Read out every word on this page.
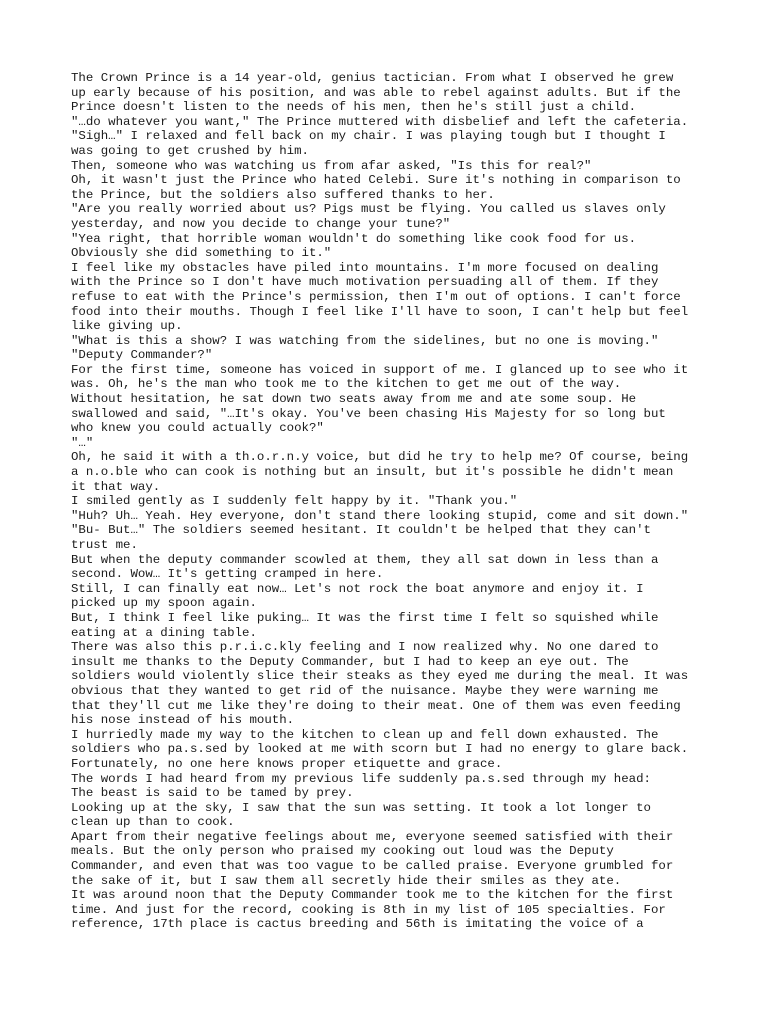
The Crown Prince is a 14 year-old, genius tactician. From what I observed he grew
up early because of his position, and was able to rebel against adults. But if the
Prince doesn't listen to the needs of his men, then he's still just a child.
"…do whatever you want," The Prince muttered with disbelief and left the cafeteria.
"Sigh…" I relaxed and fell back on my chair. I was playing tough but I thought I
was going to get crushed by him.
Then, someone who was watching us from afar asked, "Is this for real?"
Oh, it wasn't just the Prince who hated Celebi. Sure it's nothing in comparison to
the Prince, but the soldiers also suffered thanks to her.
"Are you really worried about us? Pigs must be flying. You called us slaves only
yesterday, and now you decide to change your tune?"
"Yea right, that horrible woman wouldn't do something like cook food for us.
Obviously she did something to it."
I feel like my obstacles have piled into mountains. I'm more focused on dealing
with the Prince so I don't have much motivation persuading all of them. If they
refuse to eat with the Prince's permission, then I'm out of options. I can't force
food into their mouths. Though I feel like I'll have to soon, I can't help but feel
like giving up.
"What is this a show? I was watching from the sidelines, but no one is moving."
"Deputy Commander?"
For the first time, someone has voiced in support of me. I glanced up to see who it
was. Oh, he's the man who took me to the kitchen to get me out of the way.
Without hesitation, he sat down two seats away from me and ate some soup. He
swallowed and said, "…It's okay. You've been chasing His Majesty for so long but
who knew you could actually cook?"
"…"
Oh, he said it with a th.o.r.n.y voice, but did he try to help me? Of course, being
a n.o.ble who can cook is nothing but an insult, but it's possible he didn't mean
it that way.
I smiled gently as I suddenly felt happy by it. "Thank you."
"Huh? Uh… Yeah. Hey everyone, don't stand there looking stupid, come and sit down."
"Bu- But…" The soldiers seemed hesitant. It couldn't be helped that they can't
trust me.
But when the deputy commander scowled at them, they all sat down in less than a
second. Wow… It's getting cramped in here.
Still, I can finally eat now… Let's not rock the boat anymore and enjoy it. I
picked up my spoon again.
But, I think I feel like puking… It was the first time I felt so squished while
eating at a dining table.
There was also this p.r.i.c.kly feeling and I now realized why. No one dared to
insult me thanks to the Deputy Commander, but I had to keep an eye out. The
soldiers would violently slice their steaks as they eyed me during the meal. It was
obvious that they wanted to get rid of the nuisance. Maybe they were warning me
that they'll cut me like they're doing to their meat. One of them was even feeding
his nose instead of his mouth.
I hurriedly made my way to the kitchen to clean up and fell down exhausted. The
soldiers who pa.s.sed by looked at me with scorn but I had no energy to glare back.
Fortunately, no one here knows proper etiquette and grace.
The words I had heard from my previous life suddenly pa.s.sed through my head:
The beast is said to be tamed by prey.
Looking up at the sky, I saw that the sun was setting. It took a lot longer to
clean up than to cook.
Apart from their negative feelings about me, everyone seemed satisfied with their
meals. But the only person who praised my cooking out loud was the Deputy
Commander, and even that was too vague to be called praise. Everyone grumbled for
the sake of it, but I saw them all secretly hide their smiles as they ate.
It was around noon that the Deputy Commander took me to the kitchen for the first
time. And just for the record, cooking is 8th in my list of 105 specialties. For
reference, 17th place is cactus breeding and 56th is imitating the voice of a
